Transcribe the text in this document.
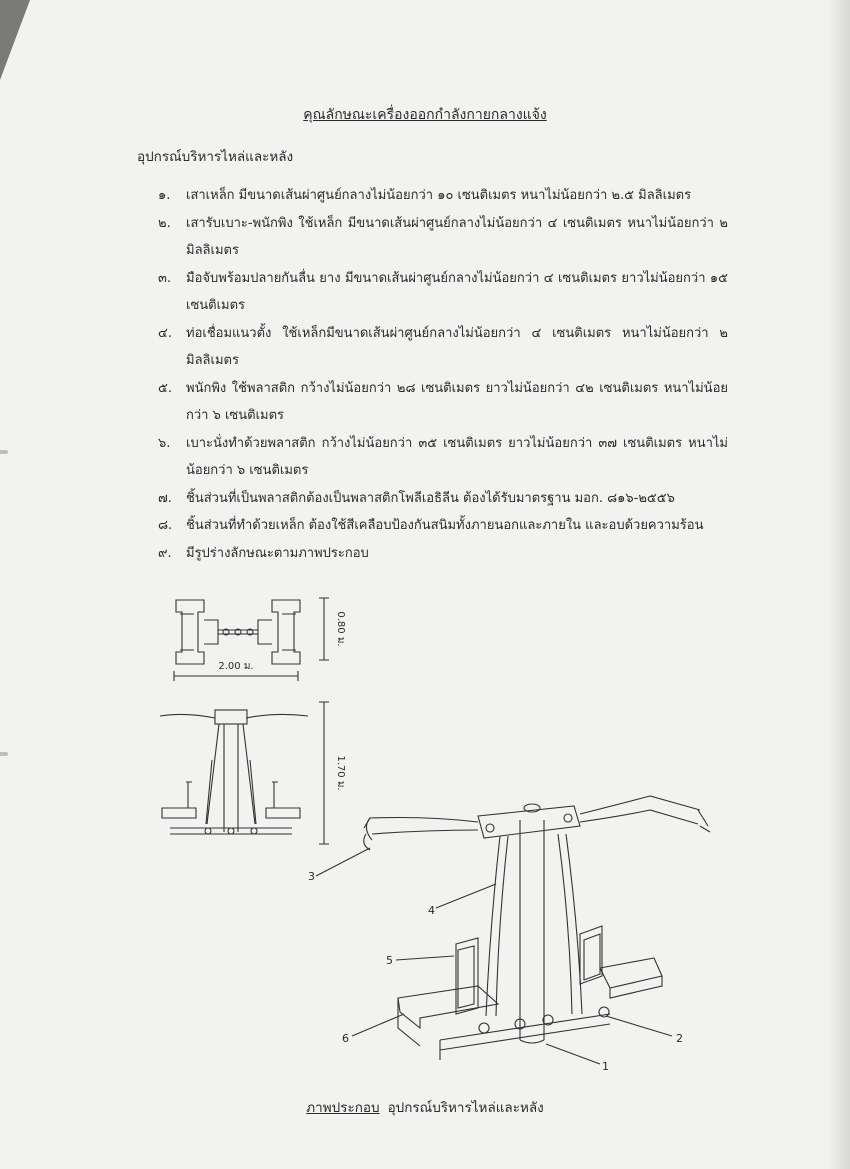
คุณลักษณะเครื่องออกกำลังกายกลางแจ้ง
อุปกรณ์บริหารไหล่และหลัง
๑. เสาเหล็ก มีขนาดเส้นผ่าศูนย์กลางไม่น้อยกว่า ๑๐ เซนติเมตร หนาไม่น้อยกว่า ๒.๕ มิลลิเมตร
๒. เสารับเบาะ-พนักพิง ใช้เหล็ก มีขนาดเส้นผ่าศูนย์กลางไม่น้อยกว่า ๔ เซนติเมตร หนาไม่น้อยกว่า ๒ มิลลิเมตร
๓. มือจับพร้อมปลายกันลื่น ยาง มีขนาดเส้นผ่าศูนย์กลางไม่น้อยกว่า ๔ เซนติเมตร ยาวไม่น้อยกว่า ๑๕ เซนติเมตร
๔. ท่อเชื่อมแนวตั้ง ใช้เหล็กมีขนาดเส้นผ่าศูนย์กลางไม่น้อยกว่า ๔ เซนติเมตร หนาไม่น้อยกว่า ๒ มิลลิเมตร
๕. พนักพิง ใช้พลาสติก กว้างไม่น้อยกว่า ๒๘ เซนติเมตร ยาวไม่น้อยกว่า ๔๒ เซนติเมตร หนาไม่น้อยกว่า ๖ เซนติเมตร
๖. เบาะนั่งทำด้วยพลาสติก กว้างไม่น้อยกว่า ๓๕ เซนติเมตร ยาวไม่น้อยกว่า ๓๗ เซนติเมตร หนาไม่น้อยกว่า ๖ เซนติเมตร
๗. ชิ้นส่วนที่เป็นพลาสติกต้องเป็นพลาสติกโพลีเอธิลีน ต้องได้รับมาตรฐาน มอก. ๘๑๖-๒๕๕๖
๘. ชิ้นส่วนที่ทำด้วยเหล็ก ต้องใช้สีเคลือบป้องกันสนิมทั้งภายนอกและภายใน และอบด้วยความร้อน
๙. มีรูปร่างลักษณะตามภาพประกอบ
2.00 ม.
0.80 ม.
1.70 ม.
1
2
3
4
5
6
ภาพประกอบ อุปกรณ์บริหารไหล่และหลัง
